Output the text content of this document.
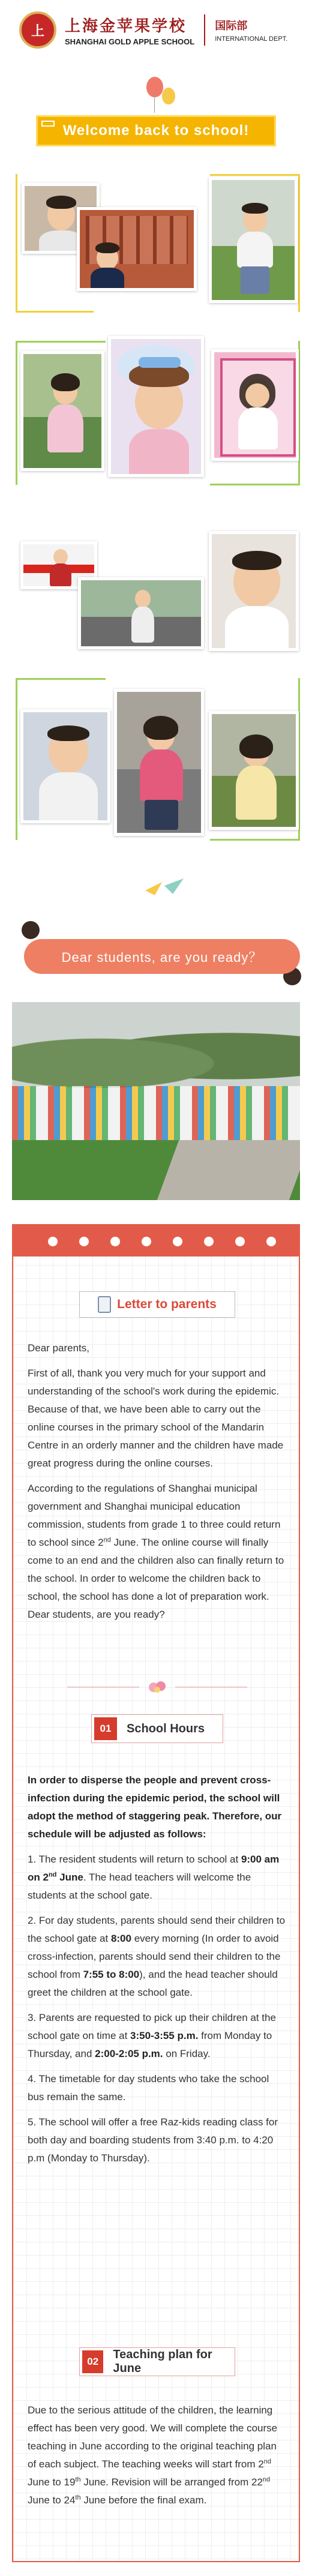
上 上海金苹果学校
SHANGHAI GOLD APPLE SCHOOL
国际部
INTERNATIONAL DEPT.
Welcome back to school!
Dear students, are you ready？
Letter to parents

Dear parents,

First of all, thank you very much for your support and understanding of the school's work during the epidemic. Because of that, we have been able to carry out the online courses in the primary school of the Mandarin Centre in an orderly manner and the children have made great progress during the online courses.

According to the regulations of Shanghai municipal government and Shanghai municipal education commission, students from grade 1 to three could return to school since 2nd June. The online course will finally come to an end and the children also can finally return to the school. In order to welcome the children back to school, the school has done a lot of preparation work. Dear students, are you ready?

01	School Hours

In order to disperse the people and prevent cross-infection during the epidemic period, the school will adopt the method of staggering peak. Therefore, our schedule will be adjusted as follows:

1. The resident students will return to school at 9:00 am on 2nd June. The head teachers will welcome the students at the school gate.

2. For day students, parents should send their children to the school gate at 8:00 every morning (In order to avoid cross-infection, parents should send their children to the school from 7:55 to 8:00), and the head teacher should greet the children at the school gate.

3. Parents are requested to pick up their children at the school gate on time at 3:50-3:55 p.m. from Monday to Thursday, and 2:00-2:05 p.m. on Friday.

4. The timetable for day students who take the school bus remain the same.

5. The school will offer a free Raz-kids reading class for both day and boarding students from 3:40 p.m. to 4:20 p.m (Monday to Thursday).

02
Teaching plan for June

Due to the serious attitude of the children, the learning effect has been very good. We will complete the course teaching in June according to the original teaching plan of each subject. The teaching weeks will start from 2nd June to 19th June. Revision will be arranged from 22nd June to 24th June before the final exam.
